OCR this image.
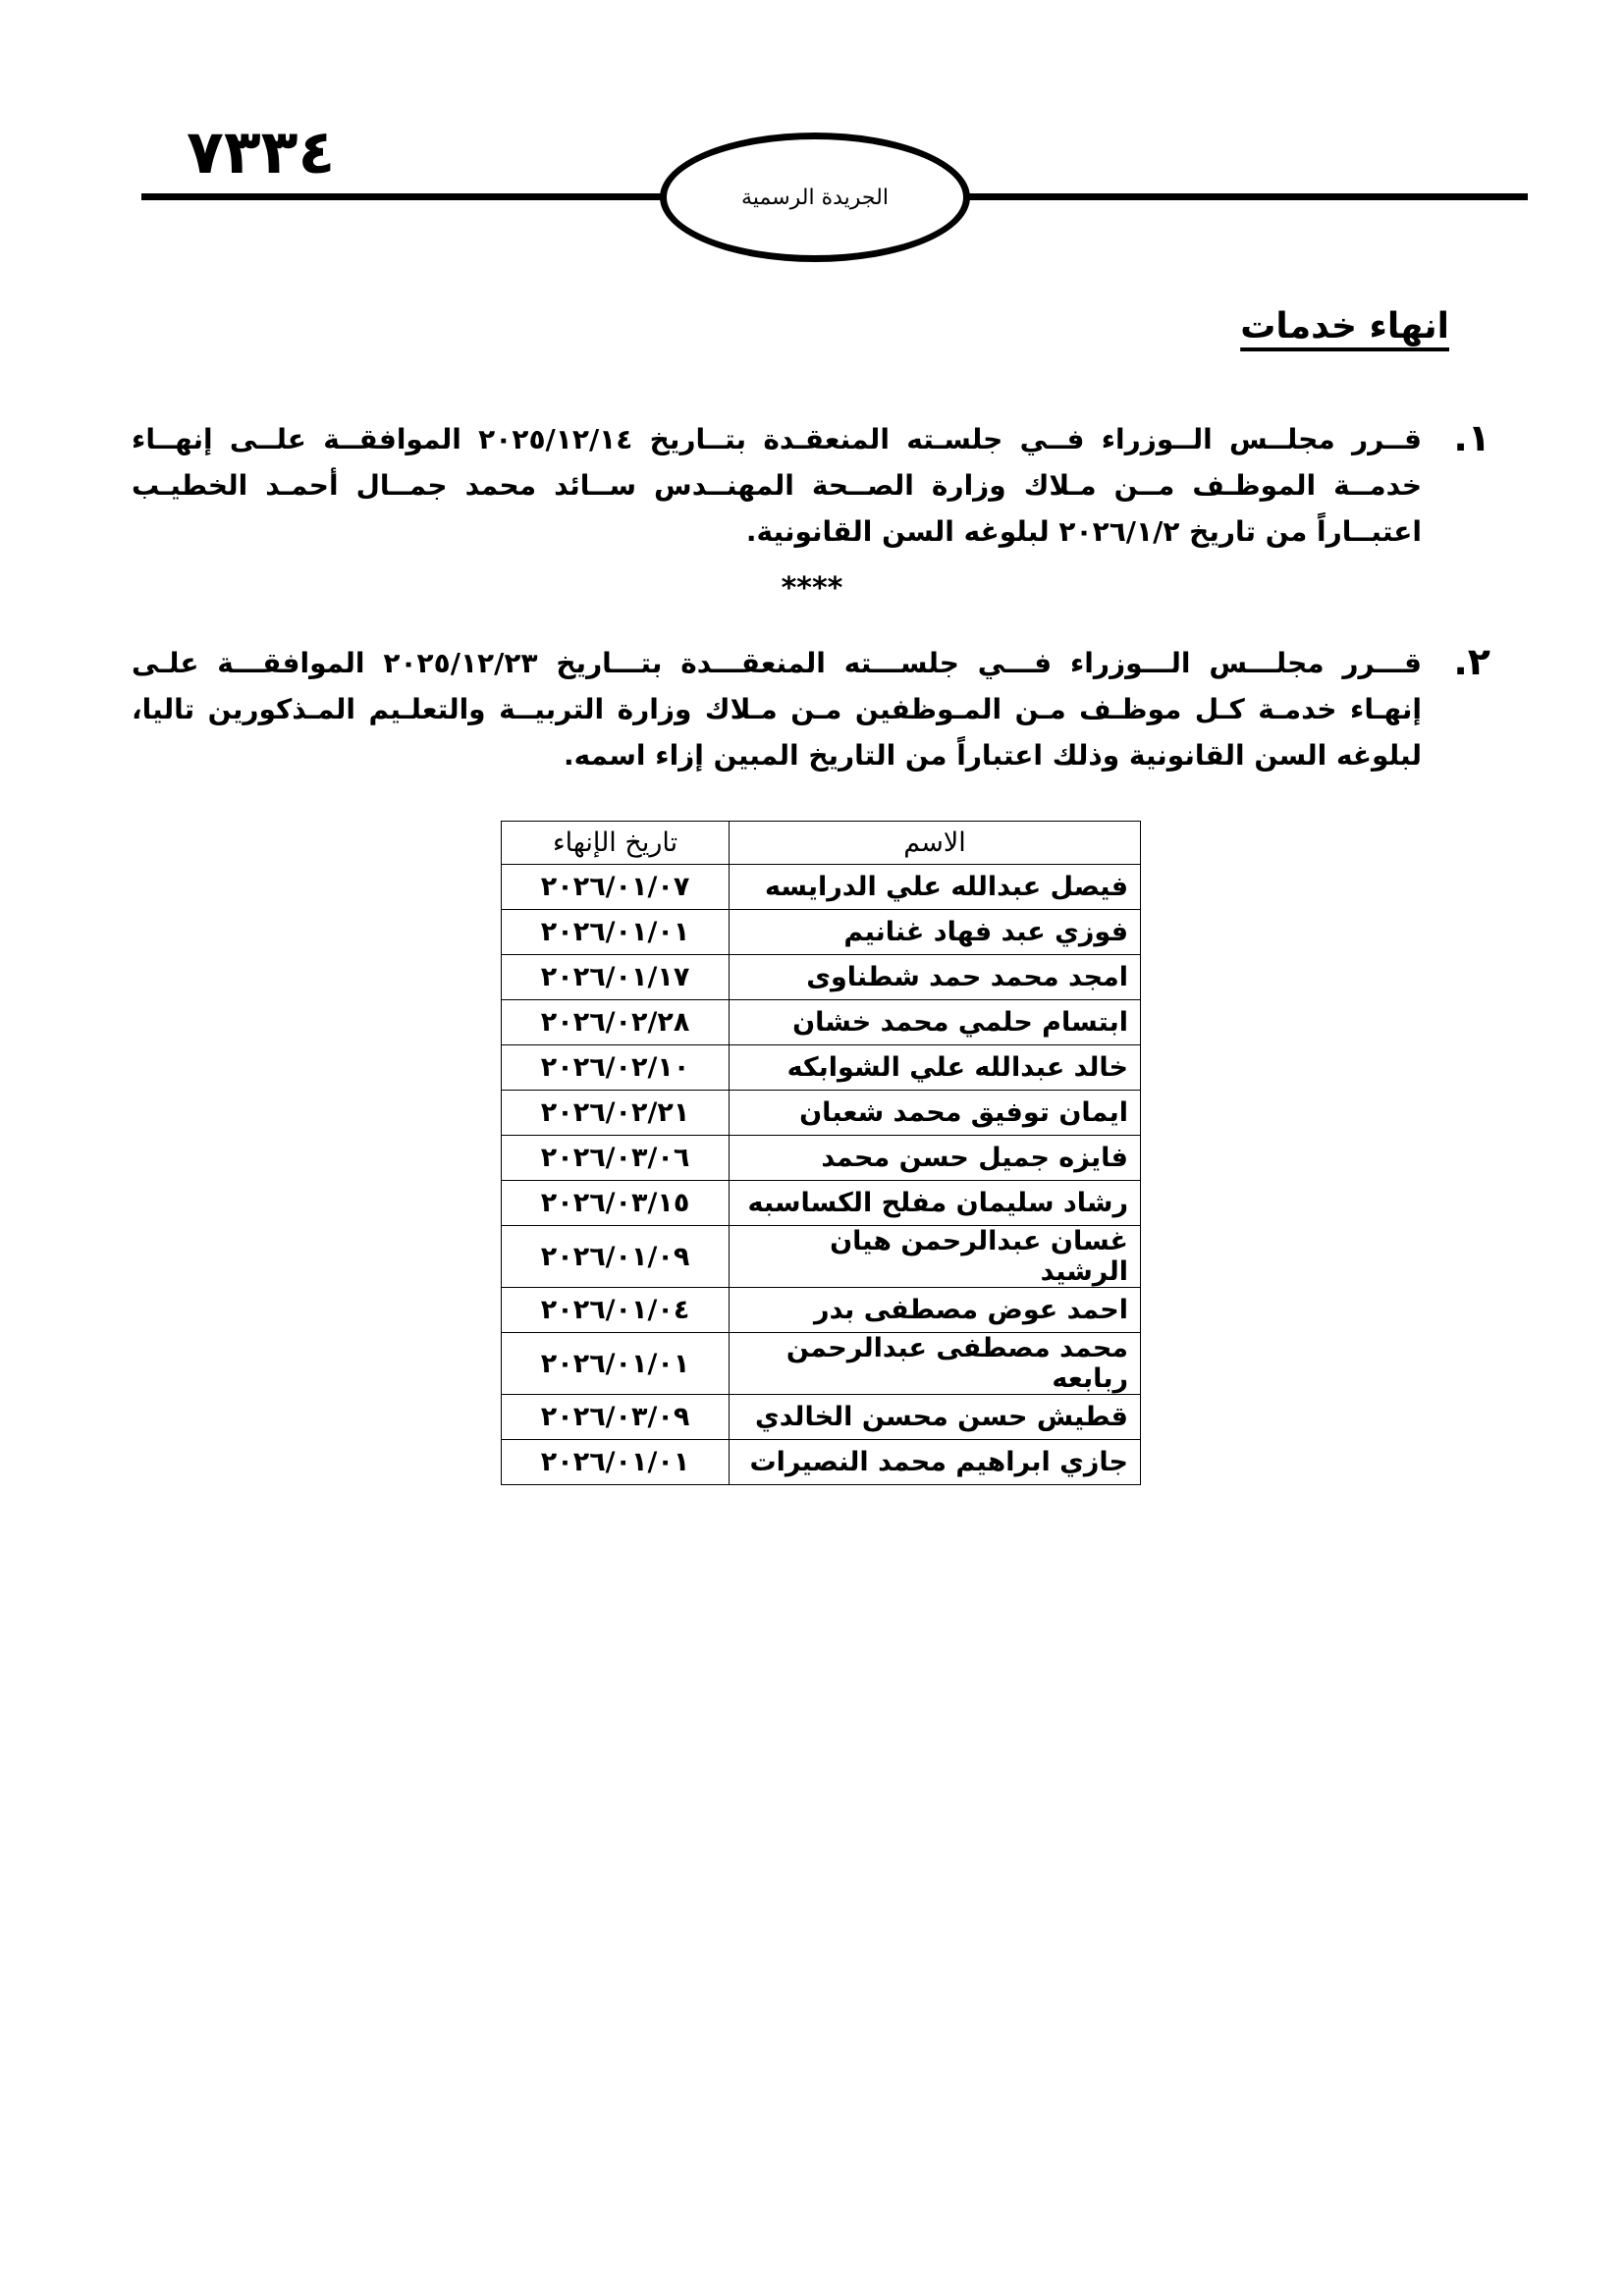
٧٣٣٤
الجريدة الرسمية
انهاء خدمات
١.

قــرر مجلــس الــوزراء فــي جلسـته المنعقـدة بتــاريخ ٢٠٢٥/١٢/١٤ الموافقــة علــى إنهــاء خدمــة الموظـف مــن مـلاك وزارة الصــحة المهنــدس ســائد محمد جمــال أحمـد الخطيـب اعتبــاراً من تاريخ ٢٠٢٦/١/٢ لبلوغه السن القانونية.

****
٢.

قـــرر مجلـــس الـــوزراء فـــي جلســـته المنعقـــدة بتـــاريخ ٢٠٢٥/١٢/٢٣ الموافقـــة علـى إنهـاء خدمـة كـل موظـف مـن المـوظفين مـن مـلاك وزارة التربيــة والتعلـيم المـذكورين تاليا، لبلوغه السن القانونية وذلك اعتباراً من التاريخ المبين إزاء اسمه.

الاسم	تاريخ الإنهاء
فيصل عبدالله علي الدرايسه	٢٠٢٦/٠١/٠٧
فوزي عبد فهاد غنانيم	٢٠٢٦/٠١/٠١
امجد محمد حمد شطناوى	٢٠٢٦/٠١/١٧
ابتسام حلمي محمد خشان	٢٠٢٦/٠٢/٢٨
خالد عبدالله علي الشوابكه	٢٠٢٦/٠٢/١٠
ايمان توفيق محمد شعبان	٢٠٢٦/٠٢/٢١
فايزه جميل حسن محمد	٢٠٢٦/٠٣/٠٦
رشاد سليمان مفلح الكساسبه	٢٠٢٦/٠٣/١٥
غسان عبدالرحمن هيان الرشيد	٢٠٢٦/٠١/٠٩
احمد عوض مصطفى بدر	٢٠٢٦/٠١/٠٤
محمد مصطفى عبدالرحمن ربابعه	٢٠٢٦/٠١/٠١
قطيش حسن محسن الخالدي	٢٠٢٦/٠٣/٠٩
جازي ابراهيم محمد النصيرات	٢٠٢٦/٠١/٠١
